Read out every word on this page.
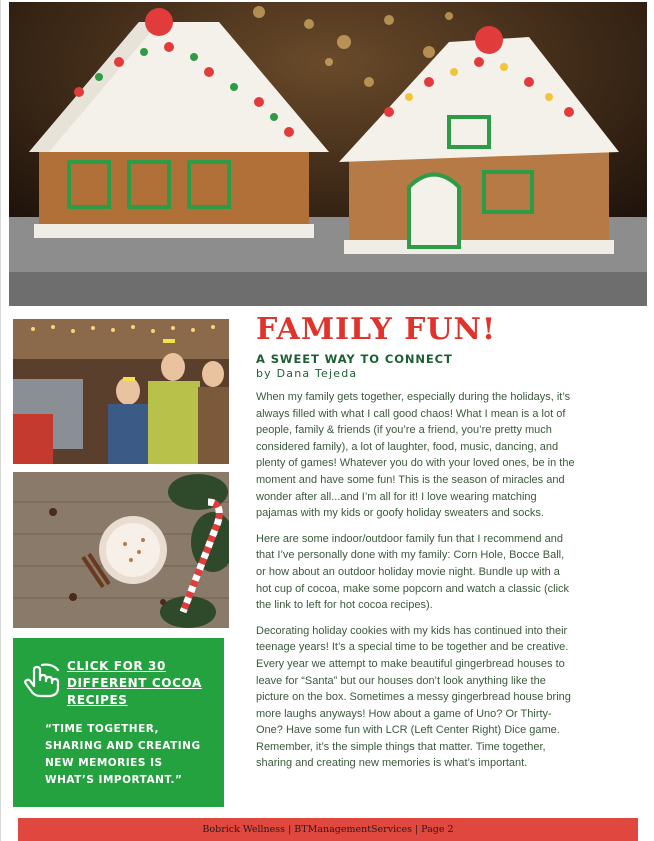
CLICK FOR 30 DIFFERENT COCOA RECIPES
“TIME TOGETHER, SHARING AND CREATING NEW MEMORIES IS WHAT’S IMPORTANT.”
FAMILY FUN!
A SWEET WAY TO CONNECT
by Dana Tejeda

When my family gets together, especially during the holidays, it’s always filled with what I call good chaos! What I mean is a lot of people, family & friends (if you’re a friend, you’re pretty much considered family), a lot of laughter, food, music, dancing, and plenty of games! Whatever you do with your loved ones, be in the moment and have some fun! This is the season of miracles and wonder after all...and I’m all for it! I love wearing matching pajamas with my kids or goofy holiday sweaters and socks.

Here are some indoor/outdoor family fun that I recommend and that I’ve personally done with my family: Corn Hole, Bocce Ball, or how about an outdoor holiday movie night. Bundle up with a hot cup of cocoa, make some popcorn and watch a classic (click the link to left for hot cocoa recipes).

Decorating holiday cookies with my kids has continued into their teenage years! It’s a special time to be together and be creative. Every year we attempt to make beautiful gingerbread houses to leave for “Santa” but our houses don’t look anything like the picture on the box. Sometimes a messy gingerbread house bring more laughs anyways! How about a game of Uno? Or Thirty-One? Have some fun with LCR (Left Center Right) Dice game. Remember, it’s the simple things that matter. Time together, sharing and creating new memories is what’s important.

Bobrick Wellness | BTManagementServices | Page 2
